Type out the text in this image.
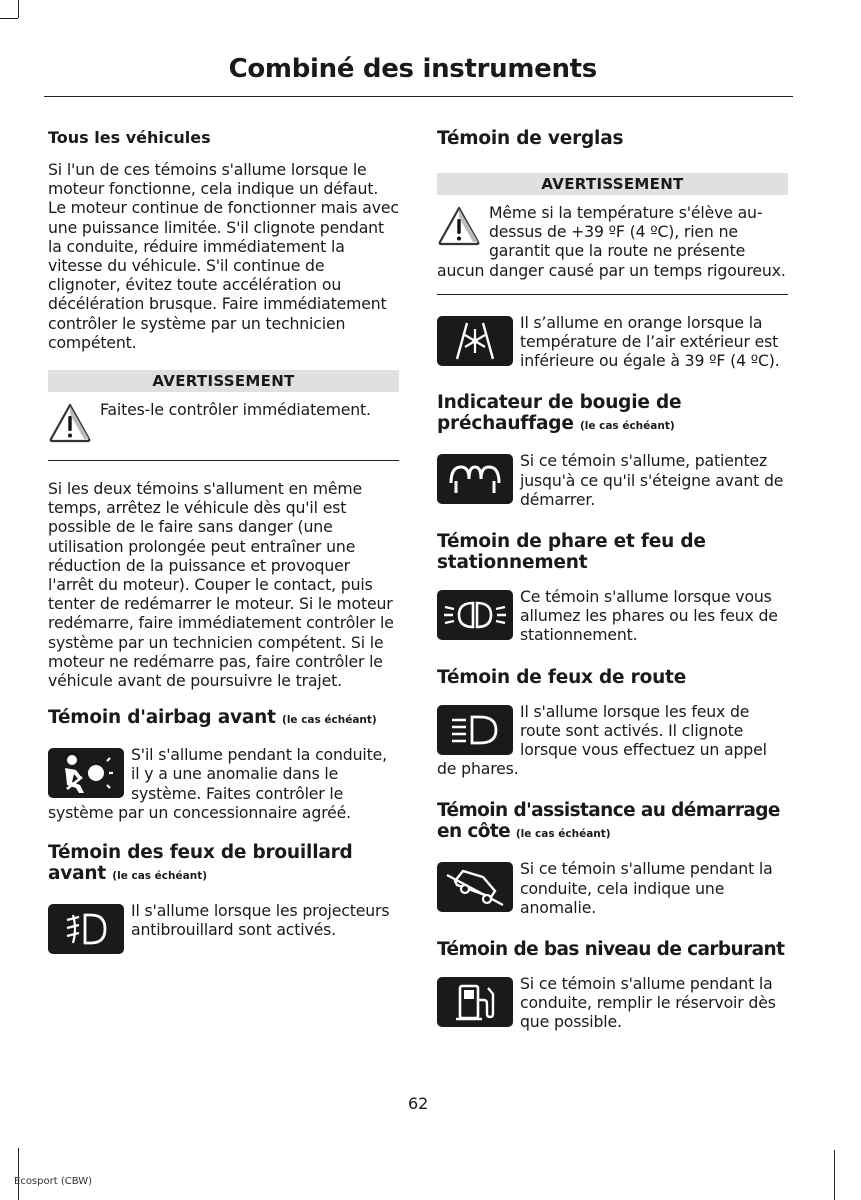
Combiné des instruments
Tous les véhicules

Si l'un de ces témoins s'allume lorsque le moteur fonctionne, cela indique un défaut. Le moteur continue de fonctionner mais avec une puissance limitée. S'il clignote pendant la conduite, réduire immédiatement la vitesse du véhicule. S'il continue de clignoter, évitez toute accélération ou décélération brusque. Faire immédiatement contrôler le système par un technicien compétent.

AVERTISSEMENT
Faites-le contrôler immédiatement.

Si les deux témoins s'allument en même temps, arrêtez le véhicule dès qu'il est possible de le faire sans danger (une utilisation prolongée peut entraîner une réduction de la puissance et provoquer l'arrêt du moteur). Couper le contact, puis tenter de redémarrer le moteur. Si le moteur redémarre, faire immédiatement contrôler le système par un technicien compétent. Si le moteur ne redémarre pas, faire contrôler le véhicule avant de poursuivre le trajet.

Témoin d'airbag avant (le cas échéant)

S'il s'allume pendant la conduite, il y a une anomalie dans le système. Faites contrôler le système par un concessionnaire agréé.

Témoin des feux de brouillard avant (le cas échéant)

Il s'allume lorsque les projecteurs antibrouillard sont activés.

Témoin de verglas
AVERTISSEMENT
Même si la température s'élève au-dessus de +39 ºF (4 ºC), rien ne garantit que la route ne présente aucun danger causé par un temps rigoureux.

Il s’allume en orange lorsque la température de l’air extérieur est inférieure ou égale à 39 ºF (4 ºC).

Indicateur de bougie de préchauffage (le cas échéant)

Si ce témoin s'allume, patientez jusqu'à ce qu'il s'éteigne avant de démarrer.

Témoin de phare et feu de stationnement

Ce témoin s'allume lorsque vous allumez les phares ou les feux de stationnement.

Témoin de feux de route

Il s'allume lorsque les feux de route sont activés. Il clignote lorsque vous effectuez un appel de phares.

Témoin d'assistance au démarrage en côte (le cas échéant)

Si ce témoin s'allume pendant la conduite, cela indique une anomalie.

Témoin de bas niveau de carburant

Si ce témoin s'allume pendant la conduite, remplir le réservoir dès que possible.

62
Ecosport (CBW)
